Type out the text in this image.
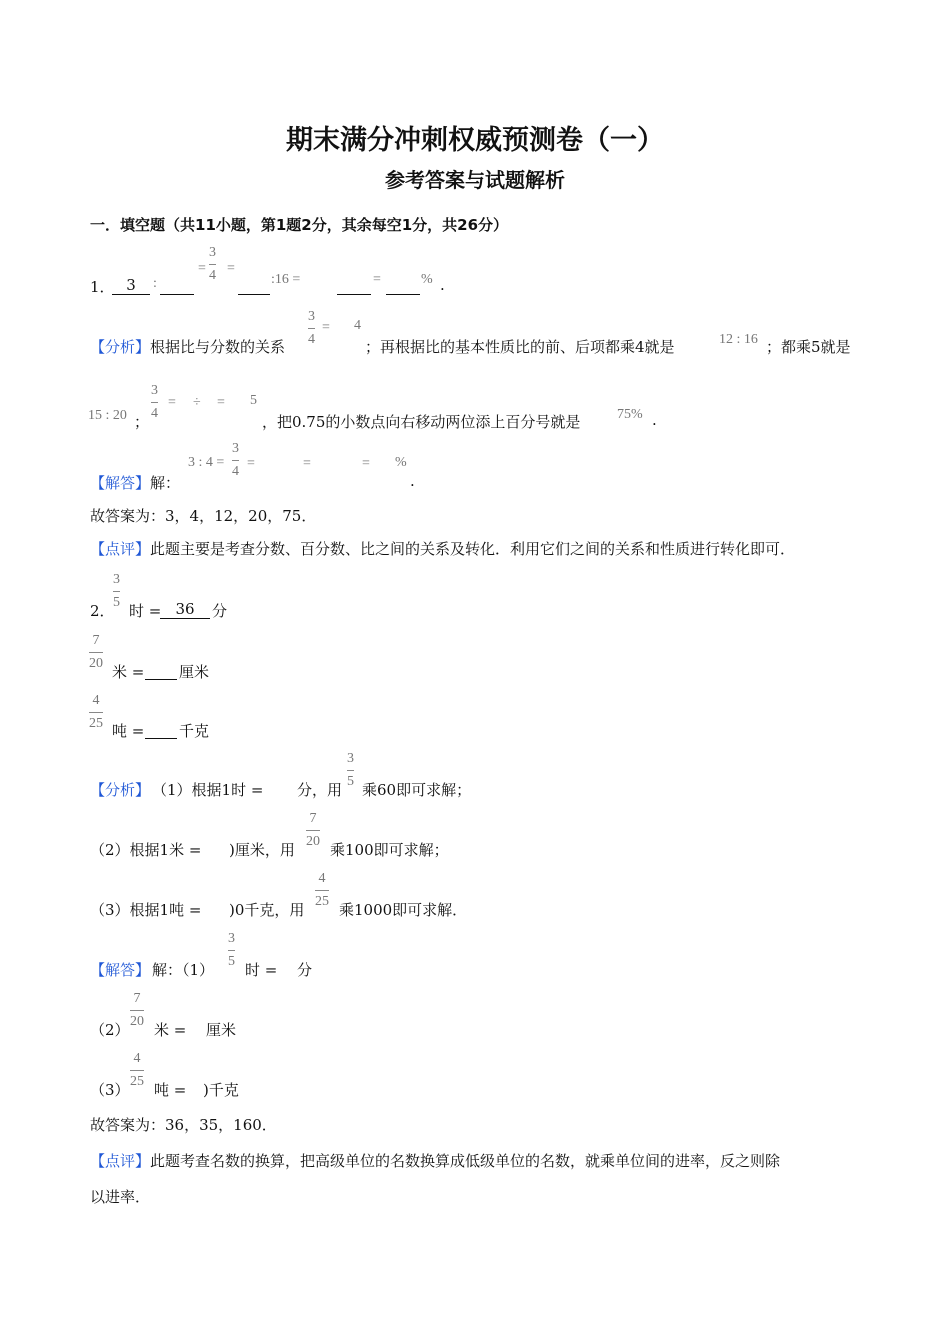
期末满分冲刺权威预测卷（一）
参考答案与试题解析
一．填空题（共11小题，第1题2分，其余每空1分，共26分）
1． 3	:
=
3
4 =
:16 =	=	% .
【分析】 根据比与分数的关系
3
4
= 4
；再根据比的基本性质比的前、后项都乘4就是	12 : 16 ；都乘5就是
15 : 20 ；
3
4
= ÷ = 5
，把0.75的小数点向右移动两位添上百分号就是	75% .
【解答】 解：
3 : 4 =
3
4
=	=	= %
.
故答案为：3，4，12，20，75．
【点评】 此题主要是考查分数、百分数、比之间的关系及转化．利用它们之间的关系和性质进行转化即可．
2．
3
5 时 = 36	分
7
20 米 = 厘米
4
25 吨 = 千克
【分析】 （1）根据1时 = 分，用
3
5 乘60即可求解；
（2）根据1米 = )厘米，用
7
20 乘100即可求解；
（3）根据1吨 = )0千克，用
4
25 乘1000即可求解．
【解答】 解：（1）
3
5 时 = 分
（2）
7
20 米 = 厘米
（3）
4
25 吨 = )千克
故答案为：36，35，160．
【点评】 此题考查名数的换算，把高级单位的名数换算成低级单位的名数，就乘单位间的进率，反之则除
以进率．
